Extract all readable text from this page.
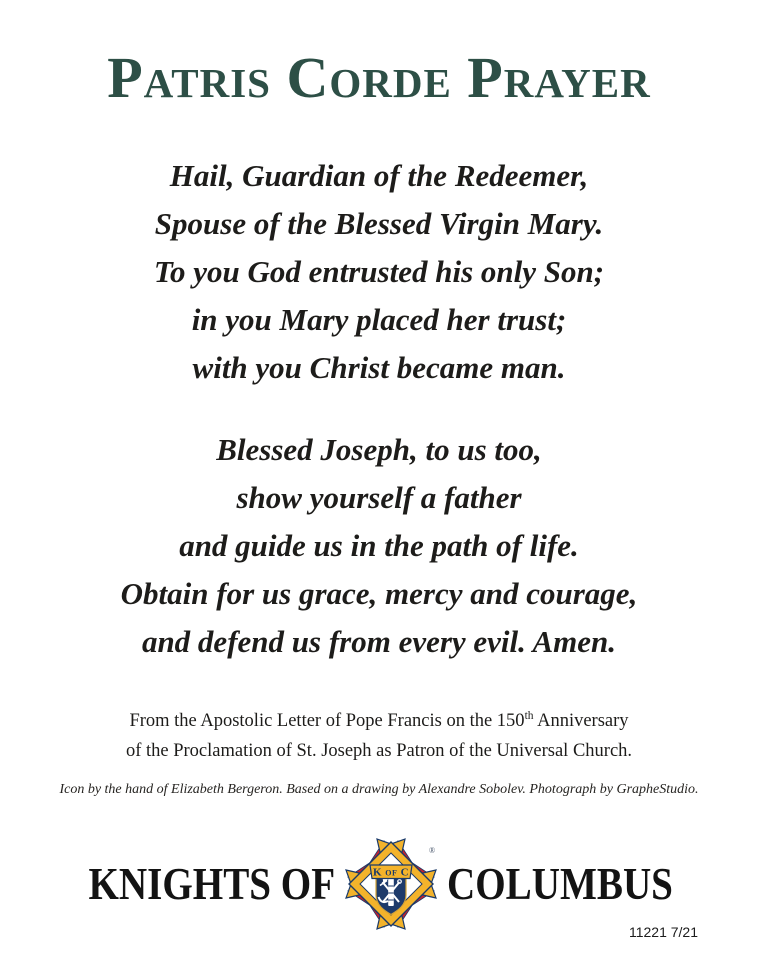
Patris Corde Prayer
Hail, Guardian of the Redeemer,
Spouse of the Blessed Virgin Mary.
To you God entrusted his only Son;
in you Mary placed her trust;
with you Christ became man.
Blessed Joseph, to us too,
show yourself a father
and guide us in the path of life.
Obtain for us grace, mercy and courage,
and defend us from every evil. Amen.
From the Apostolic Letter of Pope Francis on the 150th Anniversary
of the Proclamation of St. Joseph as Patron of the Universal Church.

Icon by the hand of Elizabeth Bergeron. Based on a drawing by Alexandre Sobolev. Photograph by GrapheStudio.

KNIGHTS OF	K of C
®
COLUMBUS
11221 7/21
